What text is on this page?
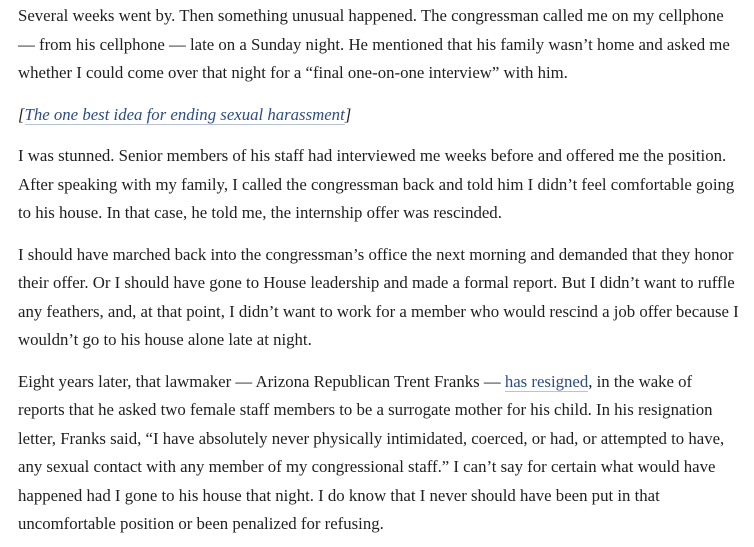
Several weeks went by. Then something unusual happened. The congressman called me on my cellphone — from his cellphone — late on a Sunday night. He mentioned that his family wasn’t home and asked me whether I could come over that night for a “final one-on-one interview” with him.

[The one best idea for ending sexual harassment]

I was stunned. Senior members of his staff had interviewed me weeks before and offered me the position. After speaking with my family, I called the congressman back and told him I didn’t feel comfortable going to his house. In that case, he told me, the internship offer was rescinded.

I should have marched back into the congressman’s office the next morning and demanded that they honor their offer. Or I should have gone to House leadership and made a formal report. But I didn’t want to ruffle any feathers, and, at that point, I didn’t want to work for a member who would rescind a job offer because I wouldn’t go to his house alone late at night.

Eight years later, that lawmaker — Arizona Republican Trent Franks — has resigned, in the wake of reports that he asked two female staff members to be a surrogate mother for his child. In his resignation letter, Franks said, “I have absolutely never physically intimidated, coerced, or had, or attempted to have, any sexual contact with any member of my congressional staff.” I can’t say for certain what would have happened had I gone to his house that night. I do know that I never should have been put in that uncomfortable position or been penalized for refusing.
